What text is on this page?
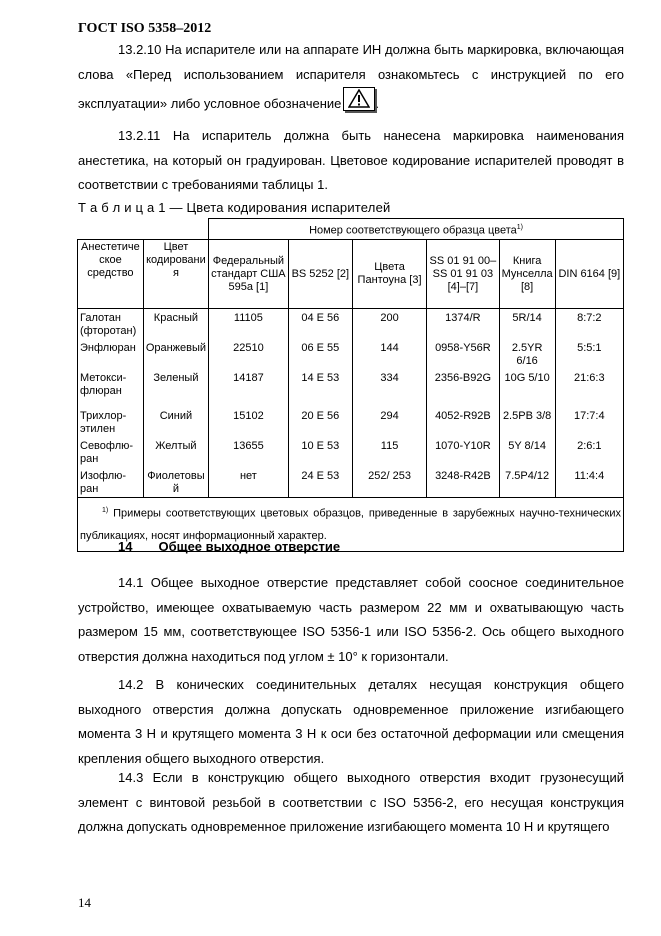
ГОСТ ISO 5358–2012

13.2.10 На испарителе или на аппарате ИН должна быть маркировка, включающая слова «Перед использованием испарителя ознакомьтесь с инструкцией по его эксплуатации» либо условное обозначение	.

13.2.11 На испаритель должна быть нанесена маркировка наименования анестетика, на который он градуирован. Цветовое кодирование испарителей проводят в соответствии с требованиями таблицы 1.

Т а б л и ц а 1 — Цвета кодирования испарителей
		Номер соответствующего образца цвета$^{1)}$
Анестетиче ское средство	Цвет кодировани я	Федеральный стандарт США 595а [1]	BS 5252 [2]	Цвета Пантоуна [3]	SS 01 91 00–SS 01 91 03 [4]–[7]	Книга Мунселла [8]	DIN 6164 [9]
Галотан (фторотан)	Красный	11105	04 E 56	200	1374/R	5R/14	8:7:2
Энфлюран	Оранжевый	22510	06 E 55	144	0958-Y56R	2.5YR 6/16	5:5:1
Метокси-флюран	Зеленый	14187	14 E 53	334	2356-B92G	10G 5/10	21:6:3
Трихлор-этилен	Синий	15102	20 E 56	294	4052-R92B	2.5PB 3/8	17:7:4
Севофлю-ран	Желтый	13655	10 E 53	115	1070-Y10R	5Y 8/14	2:6:1
Изофлю-ран	Фиолетовы й	нет	24 E 53	252/ 253	3248-R42B	7.5P4/12	11:4:4
$^{1)}$ Примеры соответствующих цветовых образцов, приведенные в зарубежных научно-технических публикациях, носят информационный характер.							
14 Общее выходное отверстие

14.1 Общее выходное отверстие представляет собой соосное соединительное устройство, имеющее охватываемую часть размером 22 мм и охватывающую часть размером 15 мм, соответствующее ISO 5356-1 или ISO 5356-2. Ось общего выходного отверстия должна находиться под углом ± 10° к горизонтали.

14.2 В конических соединительных деталях несущая конструкция общего выходного отверстия должна допускать одновременное приложение изгибающего момента 3 Н и крутящего момента 3 Н к оси без остаточной деформации или смещения крепления общего выходного отверстия.

14.3 Если в конструкцию общего выходного отверстия входит грузонесущий элемент с винтовой резьбой в соответствии с ISO 5356-2, его несущая конструкция должна допускать одновременное приложение изгибающего момента 10 Н и крутящего

14
